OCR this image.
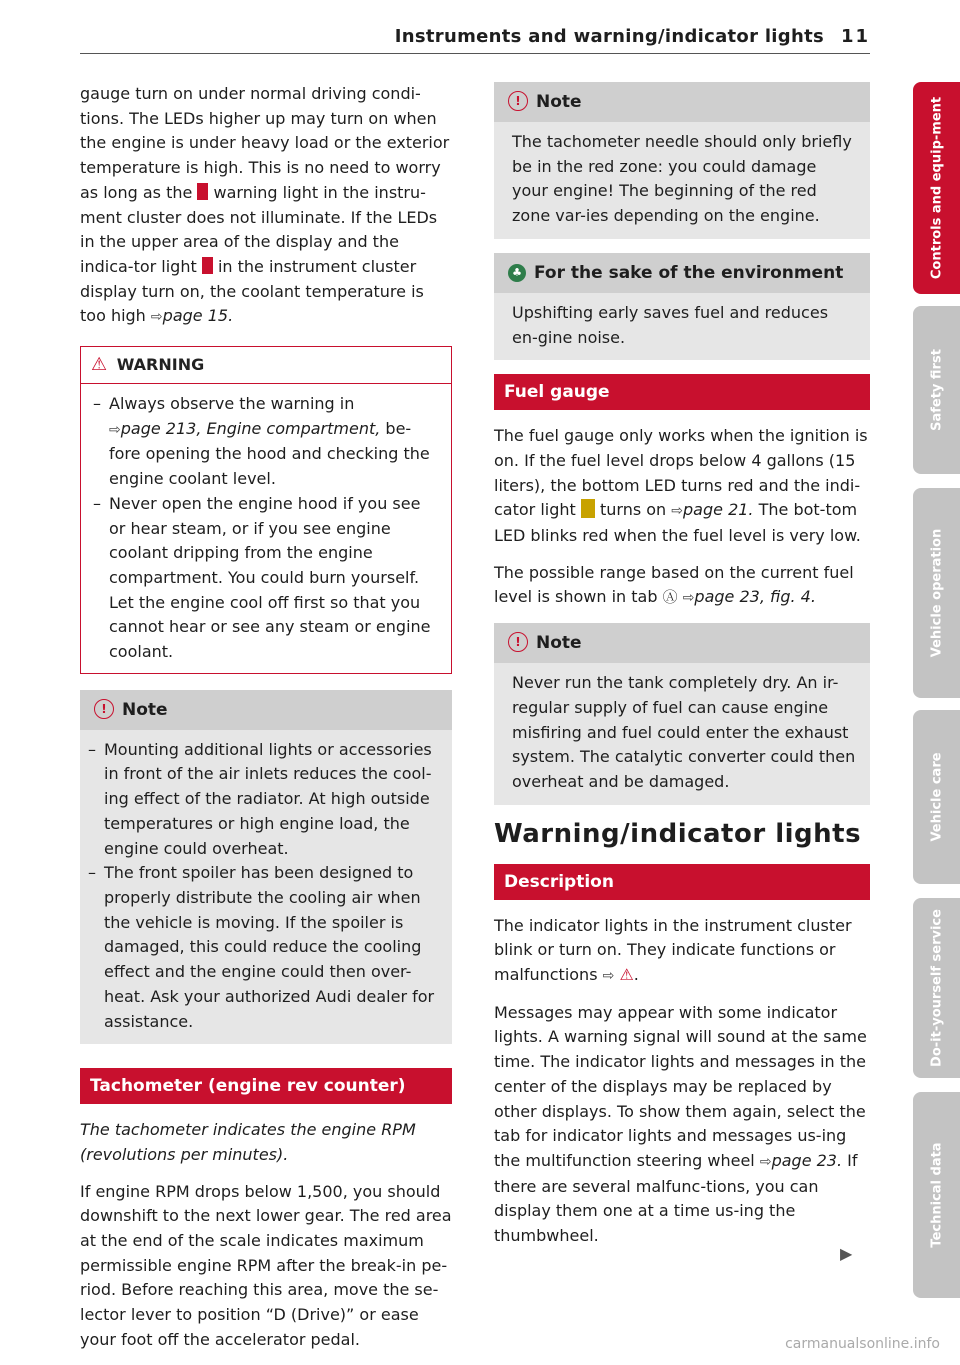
Instruments and warning/indicator lights 11

gauge turn on under normal driving condi-tions. The LEDs higher up may turn on when the engine is under heavy load or the exterior temperature is high. This is no need to worry as long as the warning light in the instru-ment cluster does not illuminate. If the LEDs in the upper area of the display and the indica-tor light in the instrument cluster display turn on, the coolant temperature is too high ⇨page 15.

⚠ WARNING
– Always observe the warning in
⇨page 213, Engine compartment, be-fore opening the hood and checking the engine coolant level.
– Never open the engine hood if you see or hear steam, or if you see engine coolant dripping from the engine compartment. You could burn yourself. Let the engine cool off first so that you cannot hear or see any steam or engine coolant.
! Note
– Mounting additional lights or accessories in front of the air inlets reduces the cool-ing effect of the radiator. At high outside temperatures or high engine load, the engine could overheat.
– The front spoiler has been designed to properly distribute the cooling air when the vehicle is moving. If the spoiler is damaged, this could reduce the cooling effect and the engine could then over-heat. Ask your authorized Audi dealer for assistance.
Tachometer (engine rev counter)

The tachometer indicates the engine RPM (revolutions per minutes).

If engine RPM drops below 1,500, you should downshift to the next lower gear. The red area at the end of the scale indicates maximum permissible engine RPM after the break-in pe-riod. Before reaching this area, move the se-lector lever to position “D (Drive)” or ease your foot off the accelerator pedal.

! Note
The tachometer needle should only briefly be in the red zone: you could damage your engine! The beginning of the red zone var-ies depending on the engine.
♣ For the sake of the environment
Upshifting early saves fuel and reduces en-gine noise.
Fuel gauge

The fuel gauge only works when the ignition is on. If the fuel level drops below 4 gallons (15 liters), the bottom LED turns red and the indi-cator light turns on ⇨page 21. The bot-tom LED blinks red when the fuel level is very low.

The possible range based on the current fuel level is shown in tab Ⓐ ⇨page 23, fig. 4.

! Note
Never run the tank completely dry. An ir-regular supply of fuel can cause engine misfiring and fuel could enter the exhaust system. The catalytic converter could then overheat and be damaged.
Warning/indicator lights
Description

The indicator lights in the instrument cluster blink or turn on. They indicate functions or malfunctions ⇨ ⚠.

Messages may appear with some indicator lights. A warning signal will sound at the same time. The indicator lights and messages in the center of the displays may be replaced by other displays. To show them again, select the tab for indicator lights and messages us-ing the multifunction steering wheel ⇨page 23. If there are several malfunc-tions, you can display them one at a time us-ing the thumbwheel.

▶
Controls and equip-ment
Safety first
Vehicle operation
Vehicle care
Do-it-yourself service
Technical data
carmanualsonline.info
